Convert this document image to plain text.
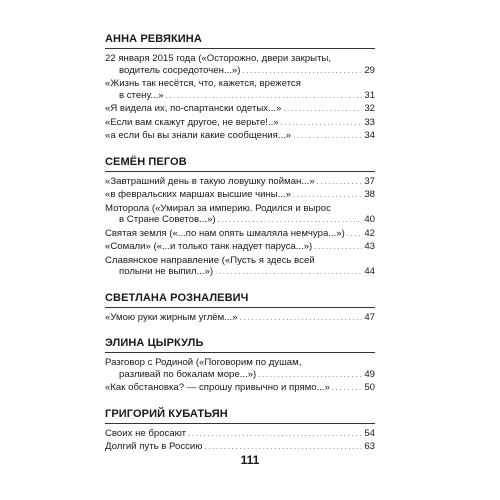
АННА РЕВЯКИНА
22 января 2015 года («Осторожно, двери закрыты,
водитель сосредоточен...») . . .	29
«Жизнь так несётся, что, кажется, врежется
в стену...» . . .	31
«Я видела их, по-спартански одетых...» . . .	32
«Если вам скажут другое, не верьте!..» . . .	33
«а если бы вы знали какие сообщения...» . . .	34
СЕМЁН ПЕГОВ
«Завтрашний день в такую ловушку пойман...» . . .	37
«в февральских маршах высшие чины...» . . .	38
Моторола («Умирал за империю. Родился и вырос
в Стране Советов...») . . .	40
Святая земля («...по нам опять шмаляла немчура...») . . . 42
«Сомали» («...и только танк надует паруса...») . . .	43
Славянское направление («Пусть я здесь всей
полыни не выпил...») . . .	44
СВЕТЛАНА РОЗНАЛЕВИЧ
«Умою руки жирным углём...» . . .	47
ЭЛИНА ЦЫРКУЛЬ
Разговор с Родиной («Поговорим по душам,
разливай по бокалам море...») . . .	49
«Как обстановка? — спрошу привычно и прямо...» . . .	50
ГРИГОРИЙ КУБАТЬЯН
Своих не бросают . . .	54
Долгий путь в Россию . . .	63
111
